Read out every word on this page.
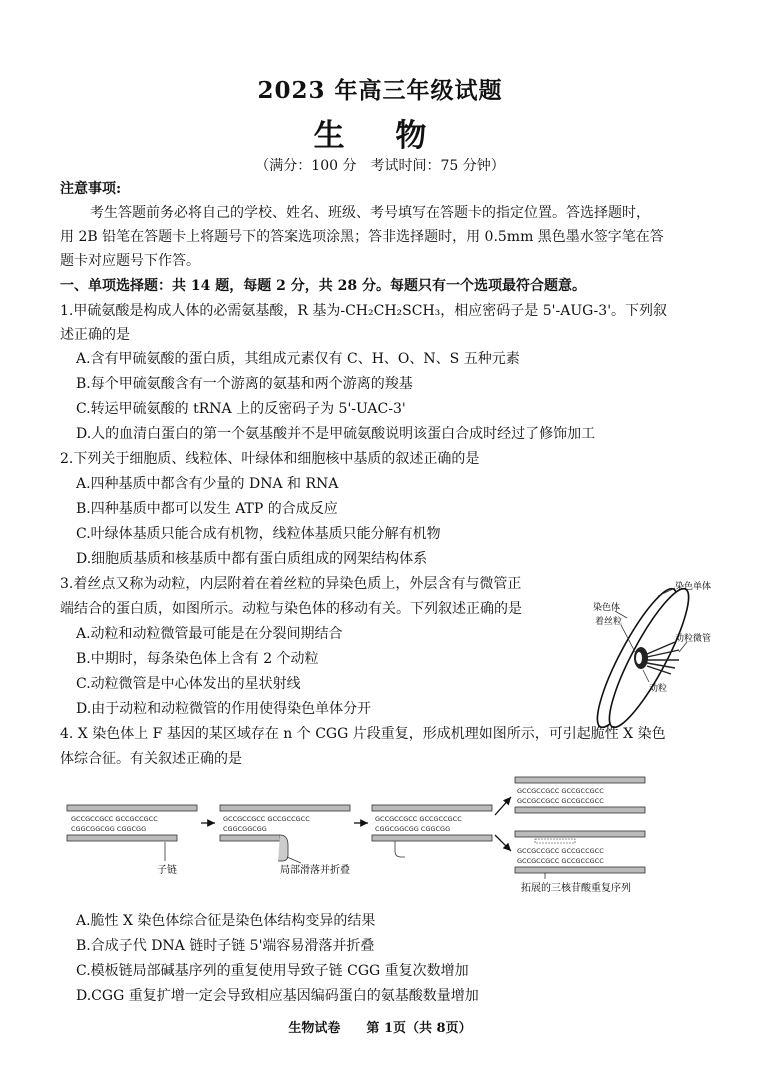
2023 年高三年级试题
生 物
（满分：100 分　考试时间：75 分钟）
注意事项:
考生答题前务必将自己的学校、姓名、班级、考号填写在答题卡的指定位置。答选择题时，
用 2B 铅笔在答题卡上将题号下的答案选项涂黑；答非选择题时，用 0.5mm 黑色墨水签字笔在答
题卡对应题号下作答。
一、单项选择题：共 14 题，每题 2 分，共 28 分。每题只有一个选项最符合题意。
1.甲硫氨酸是构成人体的必需氨基酸，R 基为-CH₂CH₂SCH₃，相应密码子是 5'-AUG-3'。下列叙
述正确的是
A.含有甲硫氨酸的蛋白质，其组成元素仅有 C、H、O、N、S 五种元素
B.每个甲硫氨酸含有一个游离的氨基和两个游离的羧基
C.转运甲硫氨酸的 tRNA 上的反密码子为 5'-UAC-3'
D.人的血清白蛋白的第一个氨基酸并不是甲硫氨酸说明该蛋白合成时经过了修饰加工
2.下列关于细胞质、线粒体、叶绿体和细胞核中基质的叙述正确的是
A.四种基质中都含有少量的 DNA 和 RNA
B.四种基质中都可以发生 ATP 的合成反应
C.叶绿体基质只能合成有机物，线粒体基质只能分解有机物
D.细胞质基质和核基质中都有蛋白质组成的网架结构体系
3.着丝点又称为动粒，内层附着在着丝粒的异染色质上，外层含有与微管正
端结合的蛋白质，如图所示。动粒与染色体的移动有关。下列叙述正确的是
A.动粒和动粒微管最可能是在分裂间期结合
B.中期时，每条染色体上含有 2 个动粒
C.动粒微管是中心体发出的星状射线
D.由于动粒和动粒微管的作用使得染色单体分开
染色单体
染色体
着丝粒
动粒微管
动粒
4. X 染色体上 F 基因的某区域存在 n 个 CGG 片段重复，形成机理如图所示，可引起脆性 X 染色
体综合征。有关叙述正确的是
GCCGCCGCC GCCGCCGCC
CGGCGGCGG CGGCGG
子链
GCCGCCGCC GCCGCCGCC
CGGCGGCGG
局部滑落并折叠
GCCGCCGCC GCCGCCGCC
CGGCGGCGG CGGCGG
GCCGCCGCC GCCGCCGCC
GCCGCCGCC GCCGCCGCC
GCCGCCGCC GCCGCCGCC
GCCGCCGCC GCCGCCGCC
拓展的三核苷酸重复序列
A.脆性 X 染色体综合征是染色体结构变异的结果
B.合成子代 DNA 链时子链 5'端容易滑落并折叠
C.模板链局部碱基序列的重复使用导致子链 CGG 重复次数增加
D.CGG 重复扩增一定会导致相应基因编码蛋白的氨基酸数量增加
生物试卷　　第 1页（共 8页）
